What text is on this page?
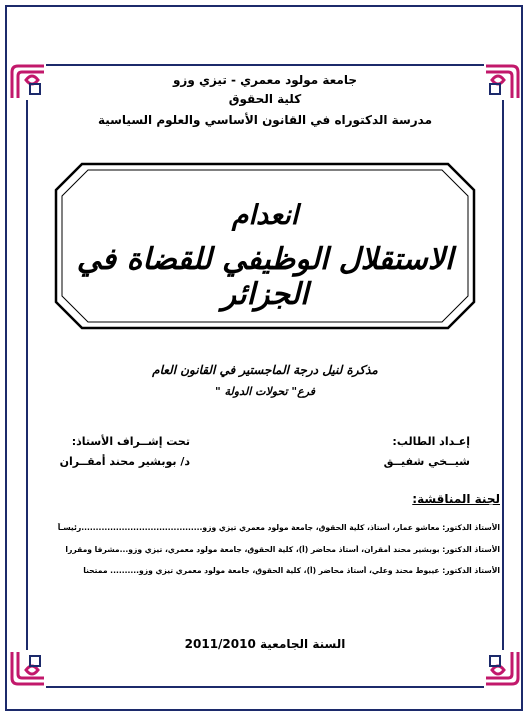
جامعة مولود معمري - تيزي وزو
كلية الحقوق
مدرسة الدكتوراه في القانون الأساسي والعلوم السياسية
انعدام
الاستقلال الوظيفي للقضاة في الجزائر
مذكرة لنيل درجة الماجستير في القانون العام
فرع" تحولات الدولة "
إعـداد الطالب:
شيــخي شفيــق
تحت إشــراف الأستاذ:
د/ بوبشير محند أمقــران
لجنة المناقشة:
الأستاذ الدكتور: معاشو عمار، أستاذ، كلية الحقوق، جامعة مولود معمري تيزي وزو..........................................رئيسـاً
الأستاذ الدكتور: بوبشير محند أمقران، أستاذ محاضر (أ)، كلية الحقوق، جامعة مولود معمري، تيزي وزو...مشرفا ومقررا
الأستاذ الدكتور: عيبوط محند وعلي، أستاذ محاضر (أ)، كلية الحقوق، جامعة مولود معمري تيزي وزو.......... ممتحنا
السنة الجامعية 2011/2010
